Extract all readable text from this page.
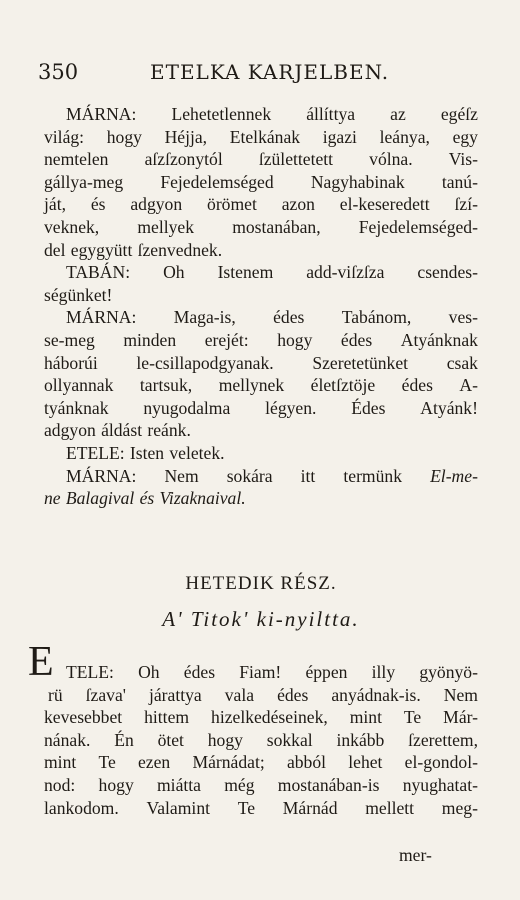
350	ETELKA KARJELBEN.
MÁRNA: Lehetetlennek állíttya az egéſz
világ: hogy Héjja, Etelkának igazi leánya, egy
nemtelen aſzſzonytól ſzülettetett vólna. Vis-
gállya-meg Fejedelemséged Nagyhabinak tanú-
ját, és adgyon örömet azon el-keseredett ſzí-
veknek, mellyek mostanában, Fejedelemséged-
del egygyütt ſzenvednek.
TABÁN: Oh Istenem add-viſzſza csendes-
ségünket!
MÁRNA: Maga-is, édes Tabánom, ves-
se-meg minden erejét: hogy édes Atyánknak
háborúi le-csillapodgyanak. Szeretetünket csak
ollyannak tartsuk, mellynek életſztöje édes A-
tyánknak nyugodalma légyen. Édes Atyánk!
adgyon áldást reánk.
ETELE: Isten veletek.
MÁRNA: Nem sokára itt termünk El-me-
ne Balagival és Vizaknaival.
HETEDIK RÉSZ.
A' Titok' ki-nyiltta.
E TELE: Oh édes Fiam! éppen illy gyönyö-
rü ſzava' járattya vala édes anyádnak-is. Nem
kevesebbet hittem hizelkedéseinek, mint Te Már-
nának. Én ötet hogy sokkal inkább ſzerettem,
mint Te ezen Márnádat; abból lehet el-gondol-
nod: hogy miátta még mostanában-is nyughatat-
lankodom. Valamint Te Márnád mellett meg-
mer-
